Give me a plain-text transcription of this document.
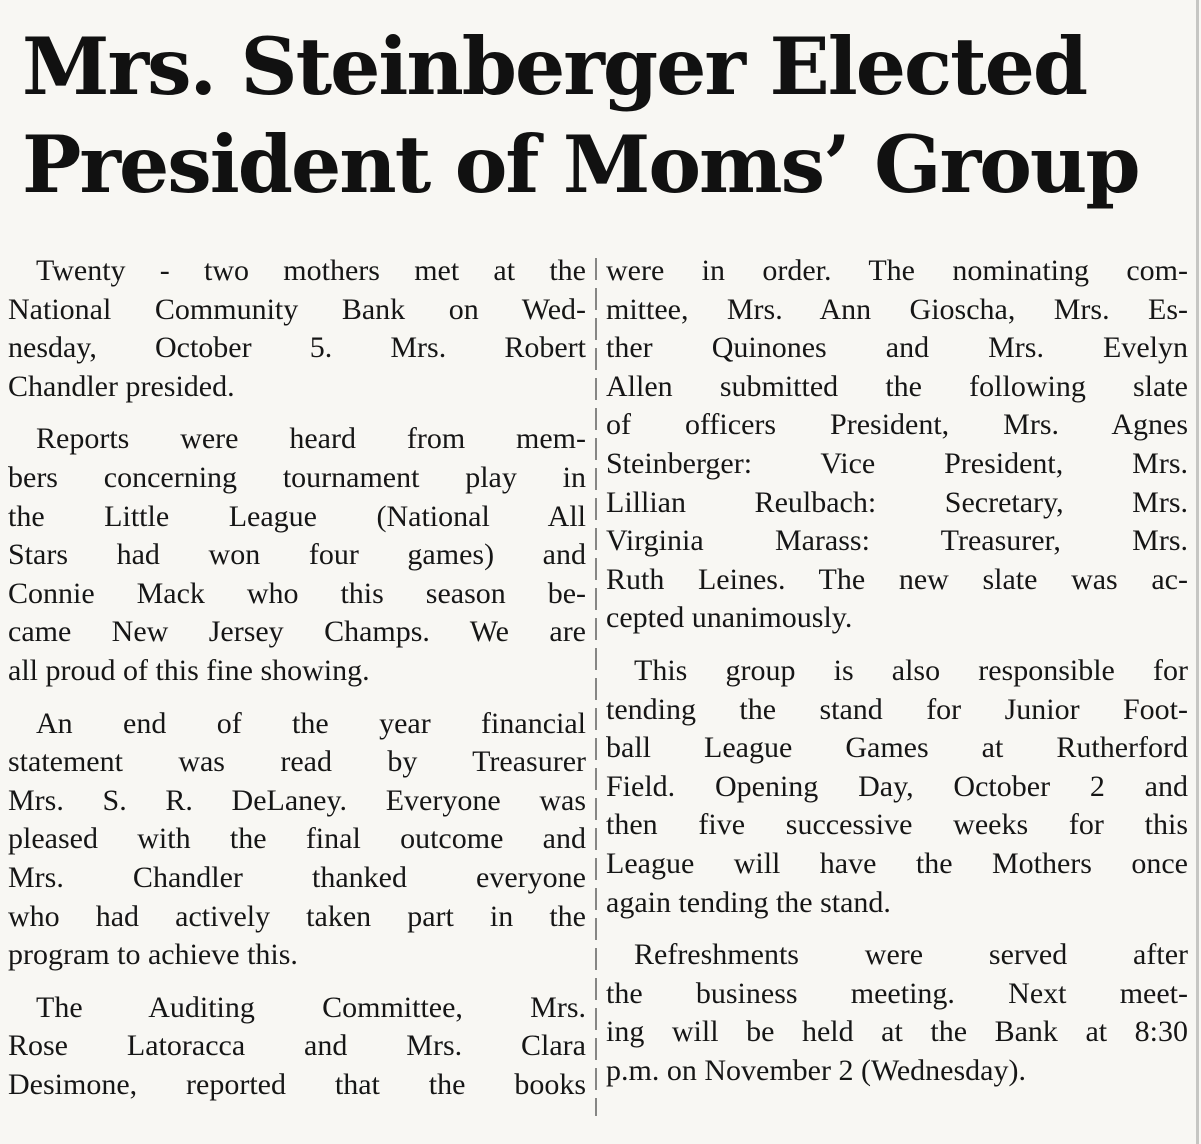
Mrs. Steinberger Elected
President of Moms’ Group

Twenty - two mothers met at the
National Community Bank on Wed-
nesday, October 5. Mrs. Robert
Chandler presided.

Reports were heard from mem-
bers concerning tournament play in
the Little League (National All
Stars had won four games) and
Connie Mack who this season be-
came New Jersey Champs. We are
all proud of this fine showing.

An end of the year financial
statement was read by Treasurer
Mrs. S. R. DeLaney. Everyone was
pleased with the final outcome and
Mrs. Chandler thanked everyone
who had actively taken part in the
program to achieve this.

The Auditing Committee, Mrs.
Rose Latoracca and Mrs. Clara
Desimone, reported that the books

were in order. The nominating com-
mittee, Mrs. Ann Gioscha, Mrs. Es-
ther Quinones and Mrs. Evelyn
Allen submitted the following slate
of officers President, Mrs. Agnes
Steinberger: Vice President, Mrs.
Lillian Reulbach: Secretary, Mrs.
Virginia Marass: Treasurer, Mrs.
Ruth Leines. The new slate was ac-
cepted unanimously.

This group is also responsible for
tending the stand for Junior Foot-
ball League Games at Rutherford
Field. Opening Day, October 2 and
then five successive weeks for this
League will have the Mothers once
again tending the stand.

Refreshments were served after
the business meeting. Next meet-
ing will be held at the Bank at 8:30
p.m. on November 2 (Wednesday).
